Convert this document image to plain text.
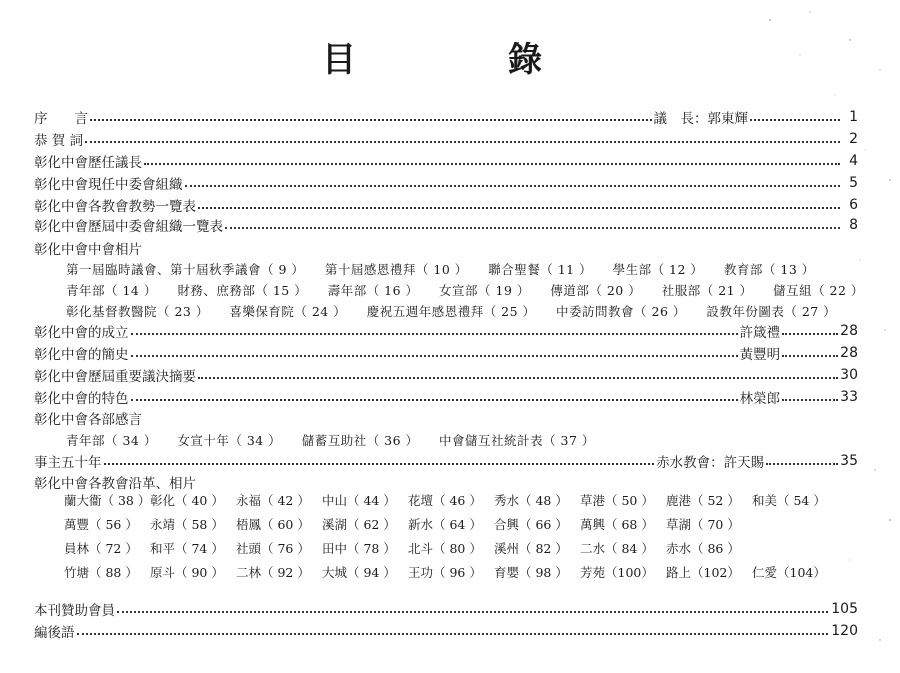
目	錄
序　　言	議　長：郭東輝	1
恭 賀 詞	2
彰化中會歷任議長	4
彰化中會現任中委會組織	5
彰化中會各教會教勢一覽表	6
彰化中會歷屆中委會組織一覽表	8
彰化中會中會相片
第一屆臨時議會、第十屆秋季議會（ 9 ） 第十屆感恩禮拜（ 10 ） 聯合聖餐（ 11 ） 學生部（ 12 ） 教育部（ 13 ）
青年部（ 14 ） 財務、庶務部（ 15 ） 壽年部（ 16 ） 女宣部（ 19 ） 傳道部（ 20 ） 社服部（ 21 ） 儲互組（ 22 ）
彰化基督教醫院（ 23 ） 喜樂保育院（ 24 ） 慶祝五週年感恩禮拜（ 25 ） 中委訪問教會（ 26 ） 設教年份圖表（ 27 ）
彰化中會的成立	許箴禮	28
彰化中會的簡史	黃豐明	28
彰化中會歷屆重要議決摘要	30
彰化中會的特色	林榮郎	33
彰化中會各部感言
青年部（ 34 ） 女宣十年（ 34 ） 儲蓄互助社（ 36 ） 中會儲互社統計表（ 37 ）
事主五十年	赤水教會：許天賜	35
彰化中會各教會沿革、相片
蘭大衞（ 38 ）彰化（ 40 ） 永福（ 42 ） 中山（ 44 ） 花壇（ 46 ） 秀水（ 48 ） 草港（ 50 ） 鹿港（ 52 ） 和美（ 54 ）
萬豐（ 56 ） 永靖（ 58 ） 梧鳳（ 60 ） 溪湖（ 62 ） 新水（ 64 ） 合興（ 66 ） 萬興（ 68 ） 草湖（ 70 ）
員林（ 72 ） 和平（ 74 ） 社頭（ 76 ） 田中（ 78 ） 北斗（ 80 ） 溪州（ 82 ） 二水（ 84 ） 赤水（ 86 ）
竹塘（ 88 ） 原斗（ 90 ） 二林（ 92 ） 大城（ 94 ） 王功（ 96 ） 育嬰（ 98 ） 芳苑（100） 路上（102） 仁愛（104）
本刊贊助會員	105
編後語	120
